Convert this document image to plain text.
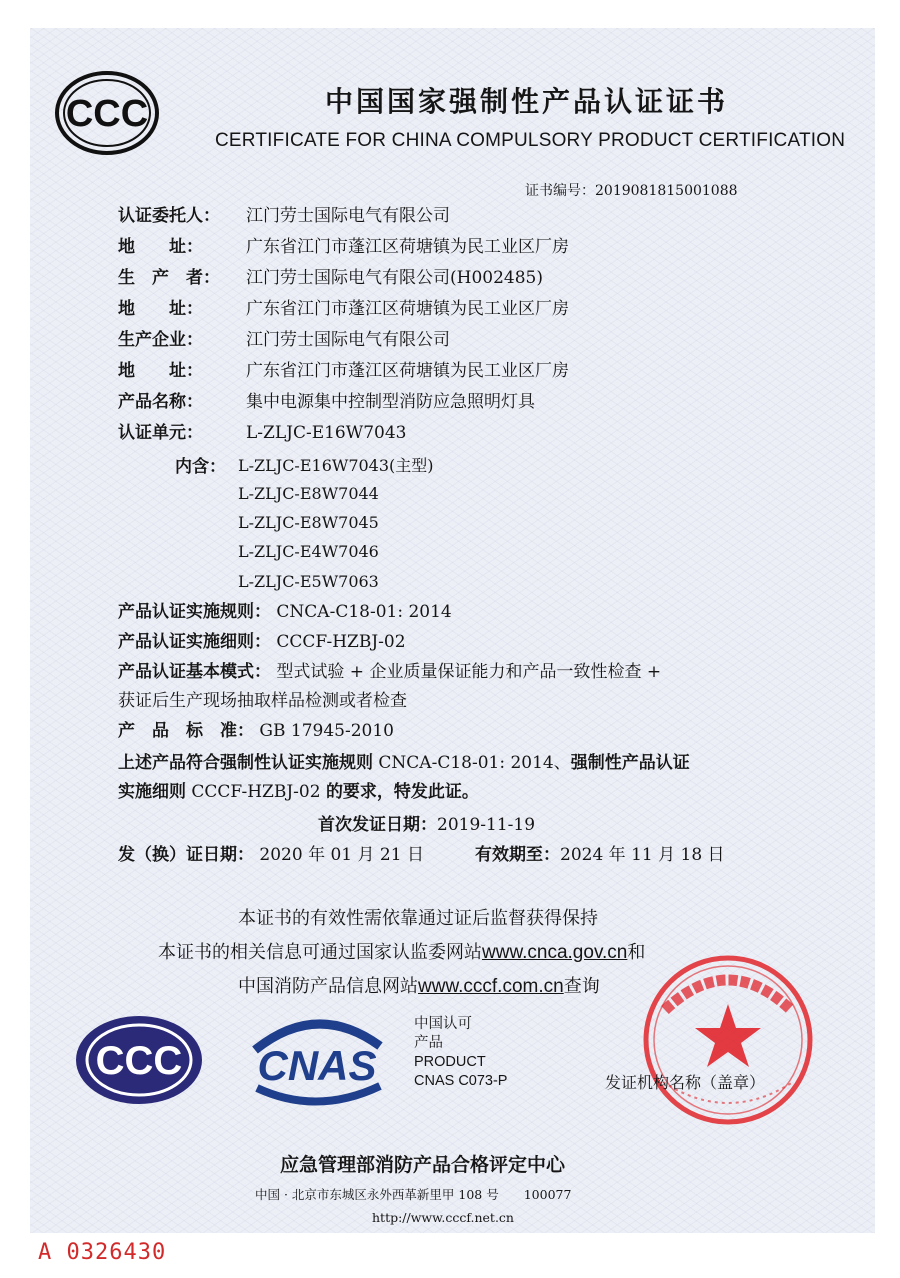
CCC	中国国家强制性产品认证证书
CERTIFICATE FOR CHINA COMPULSORY PRODUCT CERTIFICATION
证书编号：2019081815001088
认证委托人： 江门劳士国际电气有限公司
地　　址：	广东省江门市蓬江区荷塘镇为民工业区厂房
生　产　者： 江门劳士国际电气有限公司(H002485)
地　　址：	广东省江门市蓬江区荷塘镇为民工业区厂房
生产企业：	江门劳士国际电气有限公司
地　　址：	广东省江门市蓬江区荷塘镇为民工业区厂房
产品名称：	集中电源集中控制型消防应急照明灯具
认证单元：	L-ZLJC-E16W7043
内含： L-ZLJC-E16W7043(主型)
L-ZLJC-E8W7044
L-ZLJC-E8W7045
L-ZLJC-E4W7046
L-ZLJC-E5W7063
产品认证实施规则： CNCA-C18-01: 2014
产品认证实施细则： CCCF-HZBJ-02
产品认证基本模式： 型式试验 + 企业质量保证能力和产品一致性检查 +
获证后生产现场抽取样品检测或者检查
产　品　标　准： GB 17945-2010
上述产品符合强制性认证实施规则 CNCA-C18-01: 2014、强制性产品认证
实施细则 CCCF-HZBJ-02 的要求，特发此证。
首次发证日期：2019-11-19
发（换）证日期： 2020 年 01 月 21 日	有效期至：2024 年 11 月 18 日
本证书的有效性需依靠通过证后监督获得保持
本证书的相关信息可通过国家认监委网站www.cnca.gov.cn和
中国消防产品信息网站www.cccf.com.cn查询
CCC CNAS
中国认可
产品
PRODUCT
CNAS C073-P	发证机构名称（盖章）
应急管理部消防产品合格评定中心
中国 · 北京市东城区永外西革新里甲 108 号　　100077
http://www.cccf.net.cn
A 0326430
